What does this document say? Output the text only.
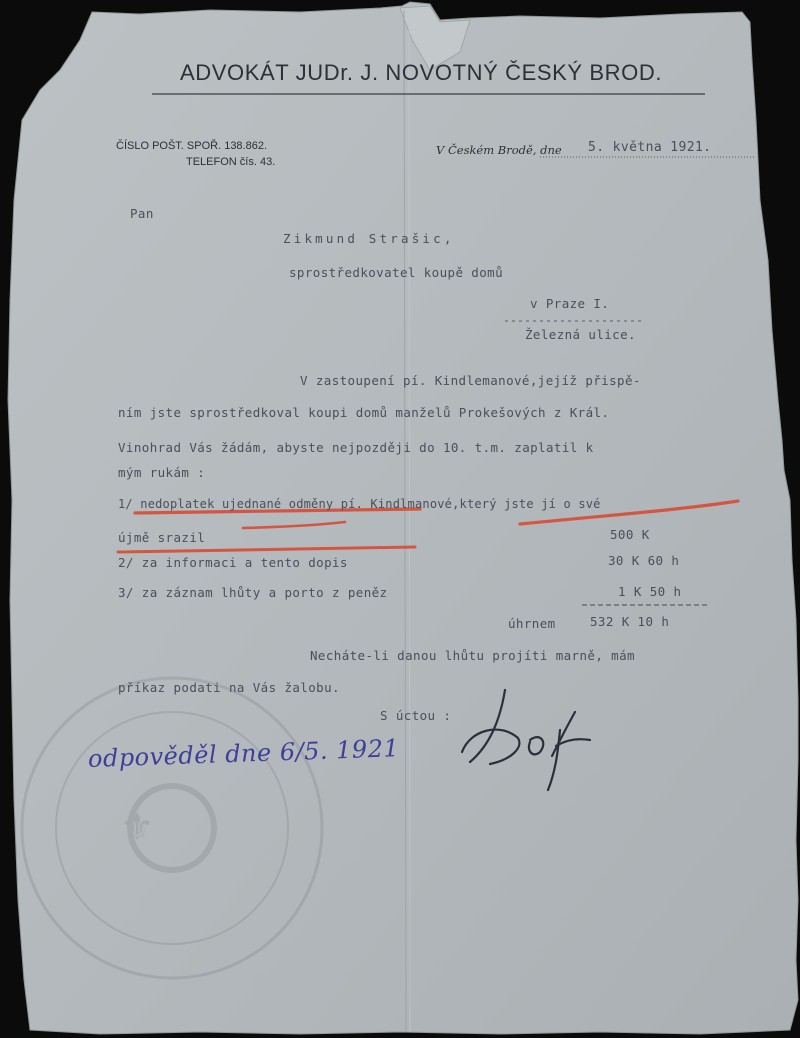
⚜
ADVOKÁT JUDr. J. NOVOTNÝ ČESKÝ BROD.
ČÍSLO POŠT. SPOŘ. 138.862.
TELEFON čís. 43.
V Českém Brodě, dne 5. května 1921.
Pan
Zikmund Strašic,
sprostředkovatel koupě domů
v Praze I.
Železná ulice.
V zastoupení pí. Kindlemanové,jejíž přispě-
ním jste sprostředkoval koupi domů manželů Prokešových z Král.
Vinohrad Vás žádám, abyste nejpozději do 10. t.m. zaplatil k
mým rukám :
1/ nedoplatek ujednané odměny pí. Kindlmanové,který jste jí o své
újmě srazil	500 K
2/ za informaci a tento dopis	30 K 60 h
3/ za záznam lhůty a porto z peněz	1 K 50 h
úhrnem	532 K 10 h
Necháte-li danou lhůtu projíti marně, mám
příkaz podati na Vás žalobu.
S úctou :
odpověděl dne 6/5. 1921
